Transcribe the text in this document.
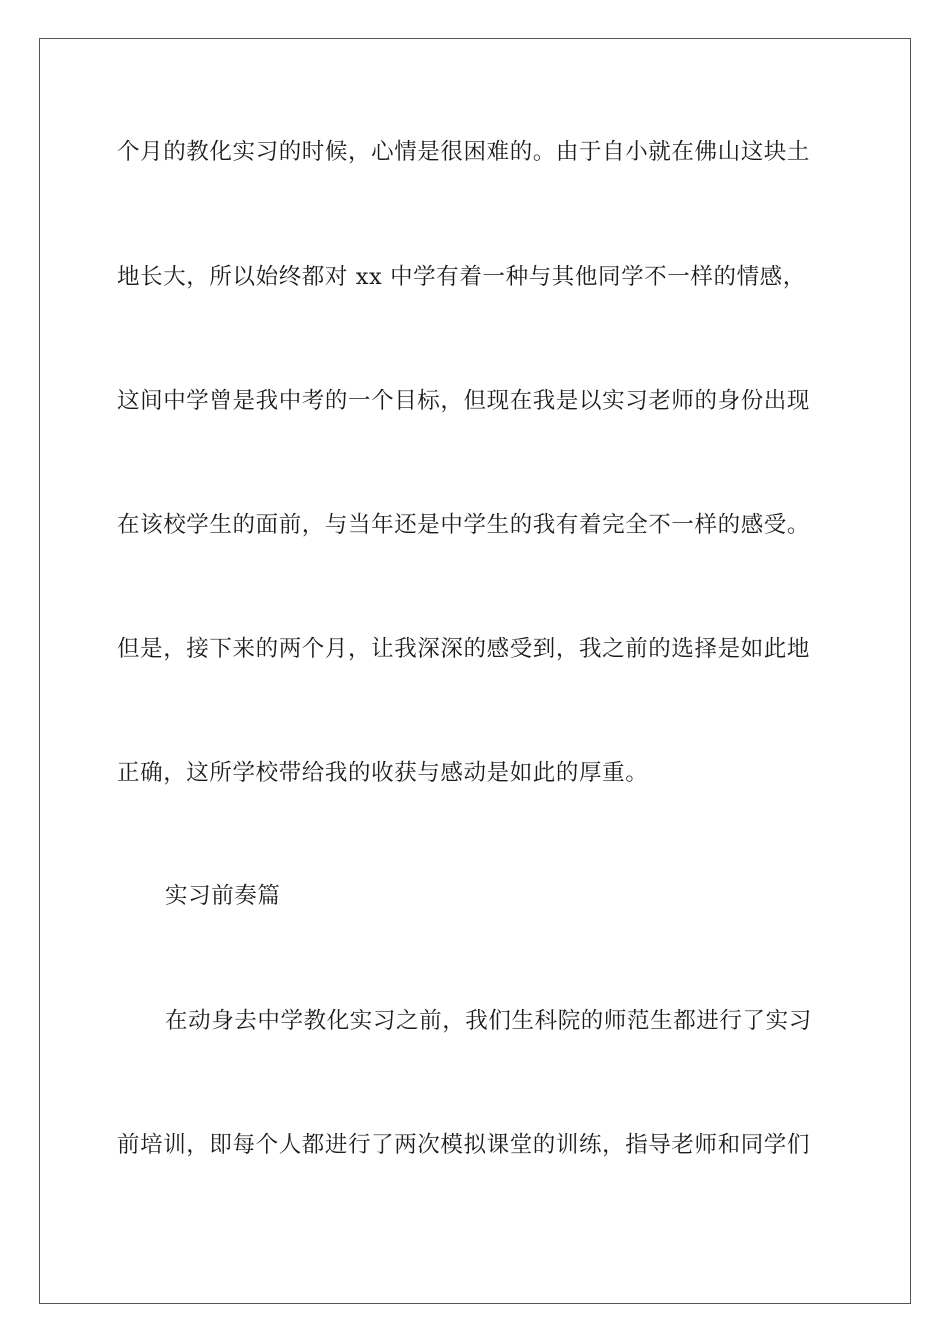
个月的教化实习的时候，心情是很困难的。由于自小就在佛山这块土
地长大，所以始终都对 xx 中学有着一种与其他同学不一样的情感，
这间中学曾是我中考的一个目标，但现在我是以实习老师的身份出现
在该校学生的面前，与当年还是中学生的我有着完全不一样的感受。
但是，接下来的两个月，让我深深的感受到，我之前的选择是如此地
正确，这所学校带给我的收获与感动是如此的厚重。
实习前奏篇
在动身去中学教化实习之前，我们生科院的师范生都进行了实习
前培训，即每个人都进行了两次模拟课堂的训练，指导老师和同学们
